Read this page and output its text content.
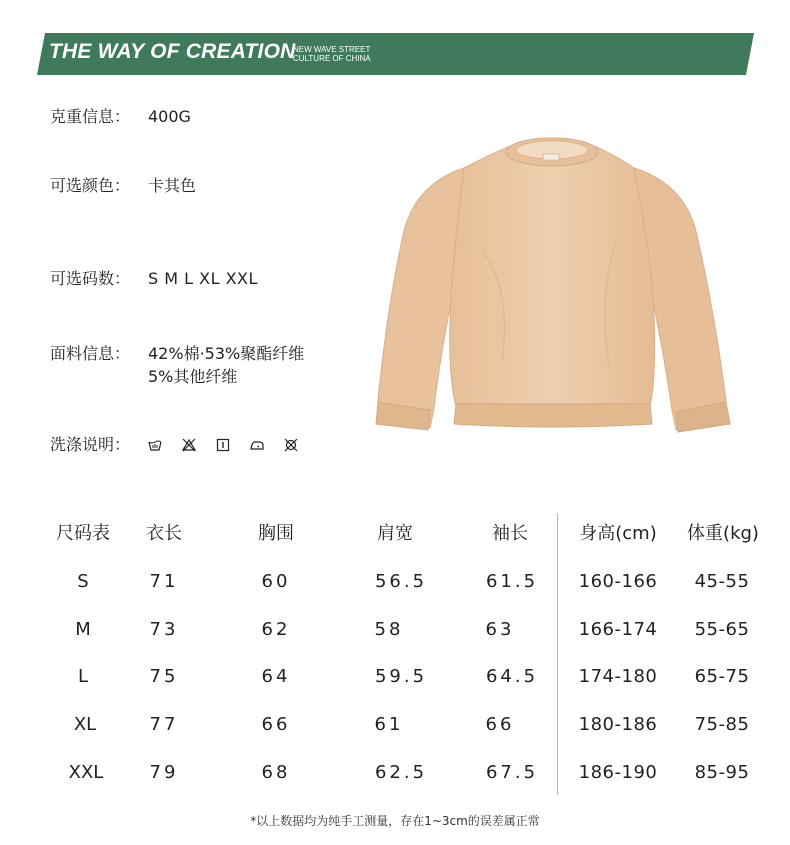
THE WAY OF CREATION
NEW WAVE STREET
CULTURE OF CHINA
克重信息： 400G
可选颜色： 卡其色
可选码数： S M L XL XXL
面料信息： 42%棉·53%聚酯纤维
5%其他纤维
洗涤说明：
尺码表	衣长	胸围	肩宽	袖长	身高(cm)	体重(kg)
S	71	60	56.5	61.5	160-166	45-55
M	73	62	58	63	166-174	55-65
L	75	64	59.5	64.5	174-180	65-75
XL	77	66	61	66	180-186	75-85
XXL	79	68	62.5	67.5	186-190	85-95
*以上数据均为纯手工测量，存在1~3cm的误差属正常
